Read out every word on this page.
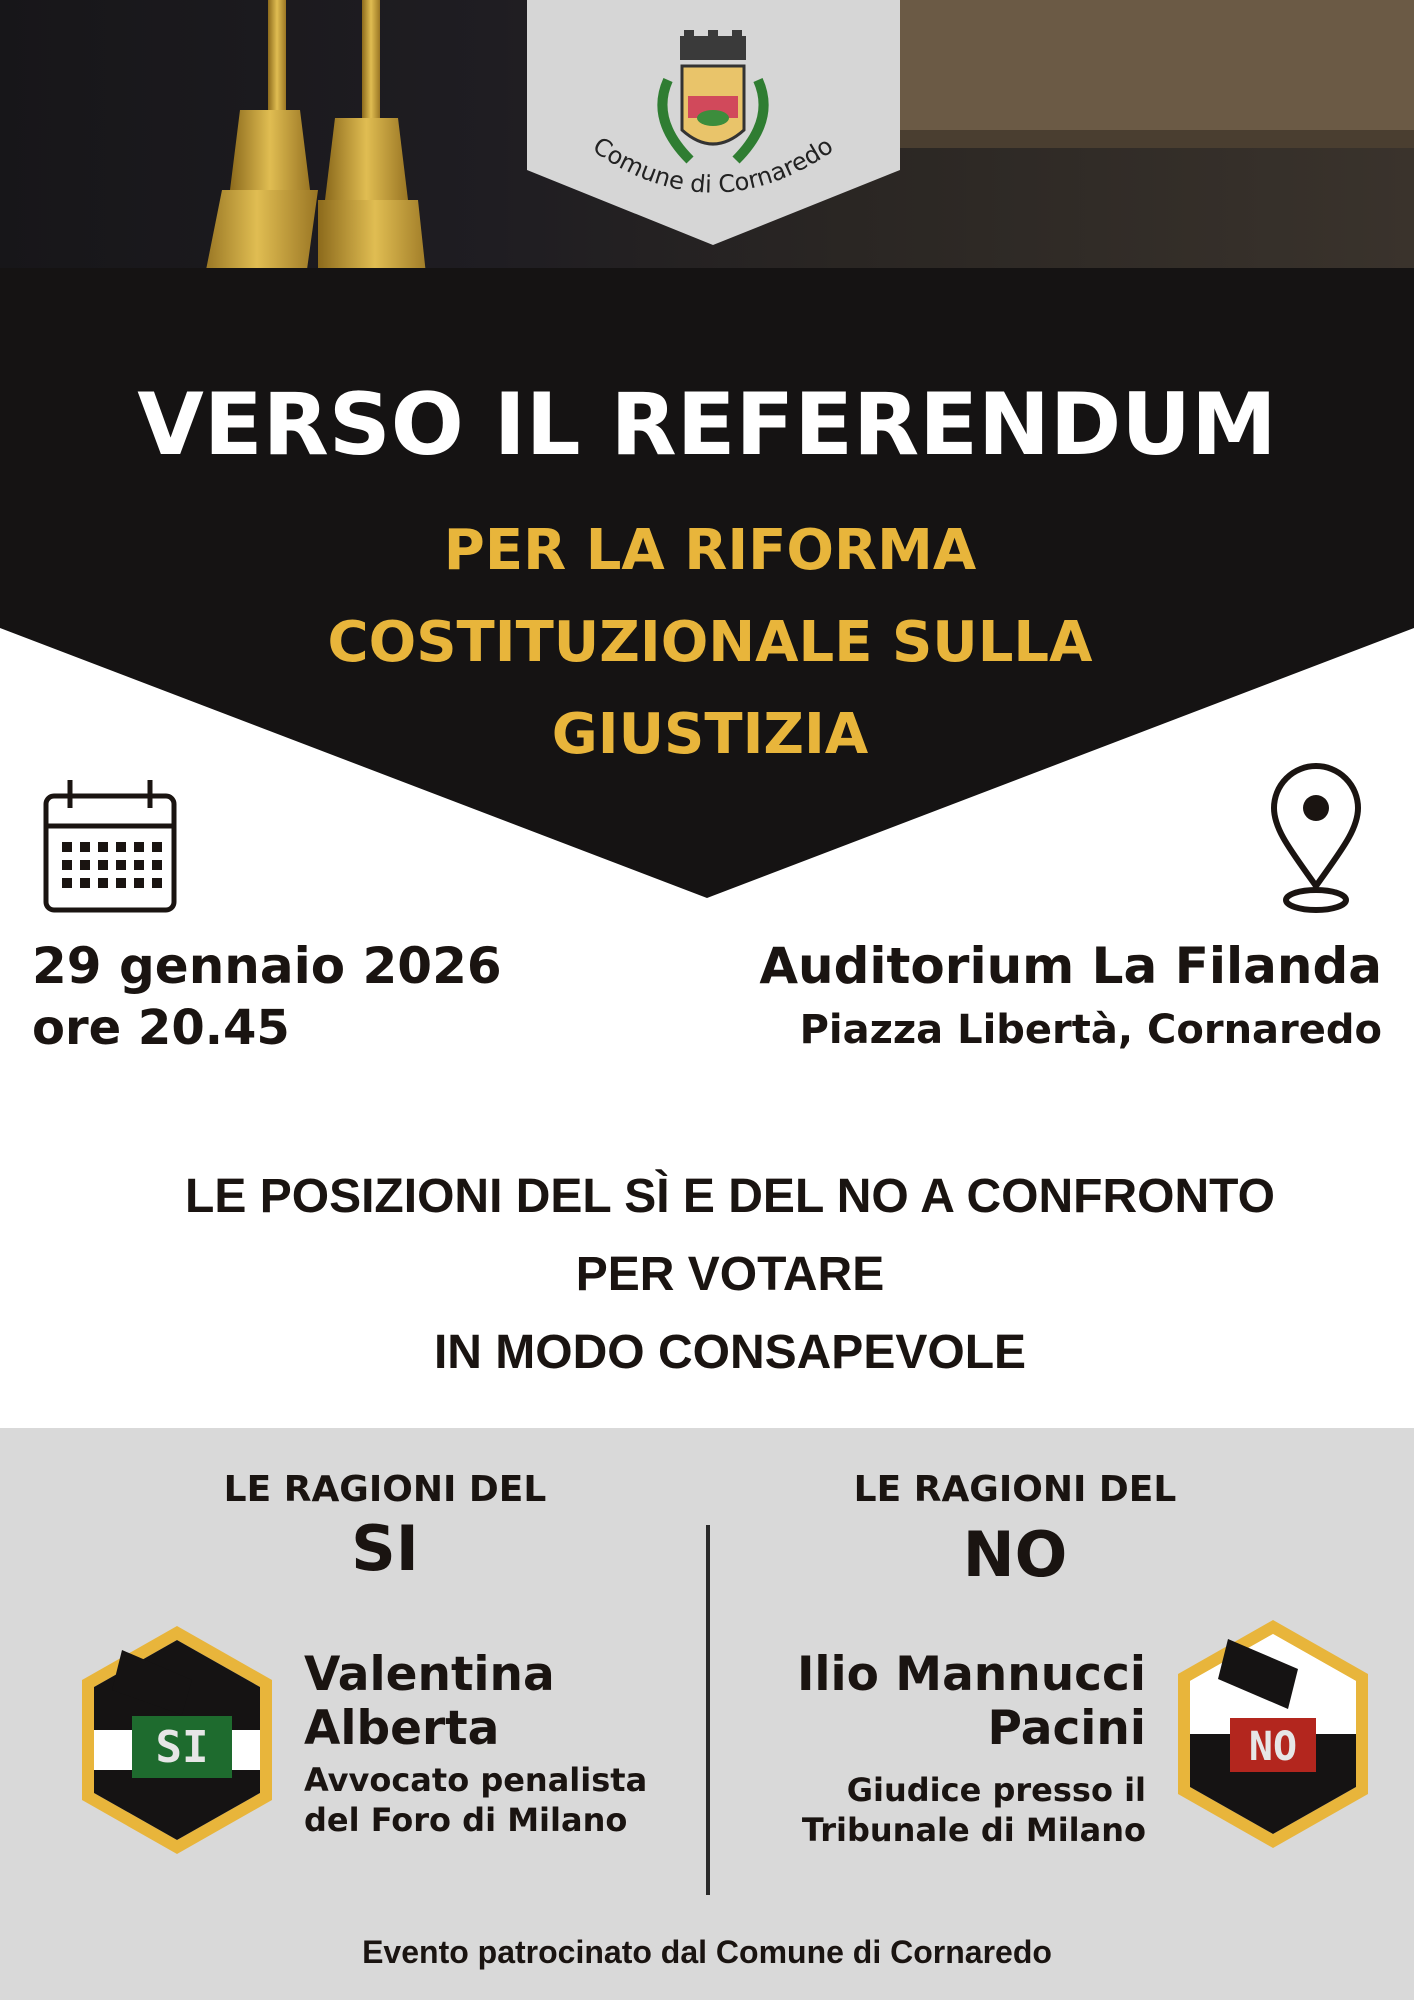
Comune di Cornaredo
VERSO IL REFERENDUM
PER LA RIFORMA
COSTITUZIONALE SULLA
GIUSTIZIA
29 gennaio 2026
ore 20.45
Auditorium La Filanda
Piazza Libertà, Cornaredo
LE POSIZIONI DEL SÌ E DEL NO A CONFRONTO
PER VOTARE
IN MODO CONSAPEVOLE
LE RAGIONI DEL
SI
SI
Valentina
Alberta
Avvocato penalista
del Foro di Milano
LE RAGIONI DEL
NO
Ilio Mannucci
Pacini
Giudice presso il
Tribunale di Milano
NO
Evento patrocinato dal Comune di Cornaredo
